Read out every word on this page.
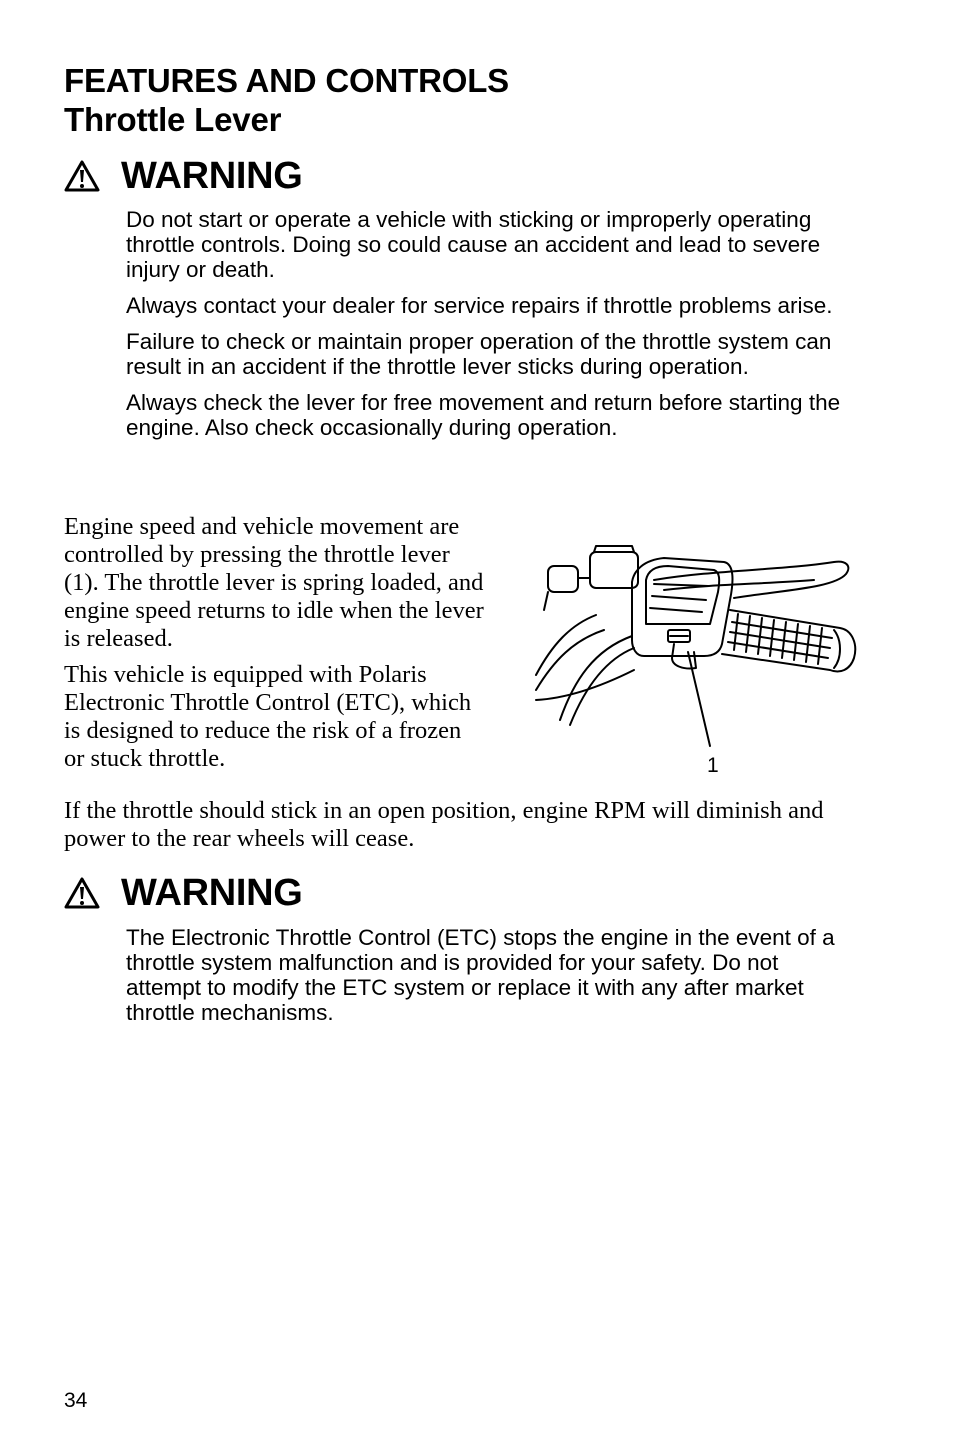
FEATURES AND CONTROLS
Throttle Lever
WARNING

Do not start or operate a vehicle with sticking or improperly operating throttle controls. Doing so could cause an accident and lead to severe injury or death.

Always contact your dealer for service repairs if throttle problems arise.

Failure to check or maintain proper operation of the throttle system can result in an accident if the throttle lever sticks during operation.

Always check the lever for free movement and return before starting the engine. Also check occasionally during operation.

Engine speed and vehicle movement are controlled by pressing the throttle lever (1). The throttle lever is spring loaded, and engine speed returns to idle when the lever is released.

This vehicle is equipped with Polaris Electronic Throttle Control (ETC), which is designed to reduce the risk of a frozen or stuck throttle.

If the throttle should stick in an open position, engine RPM will diminish and power to the rear wheels will cease.
1
WARNING

The Electronic Throttle Control (ETC) stops the engine in the event of a throttle system malfunction and is provided for your safety. Do not attempt to modify the ETC system or replace it with any after market throttle mechanisms.

34
